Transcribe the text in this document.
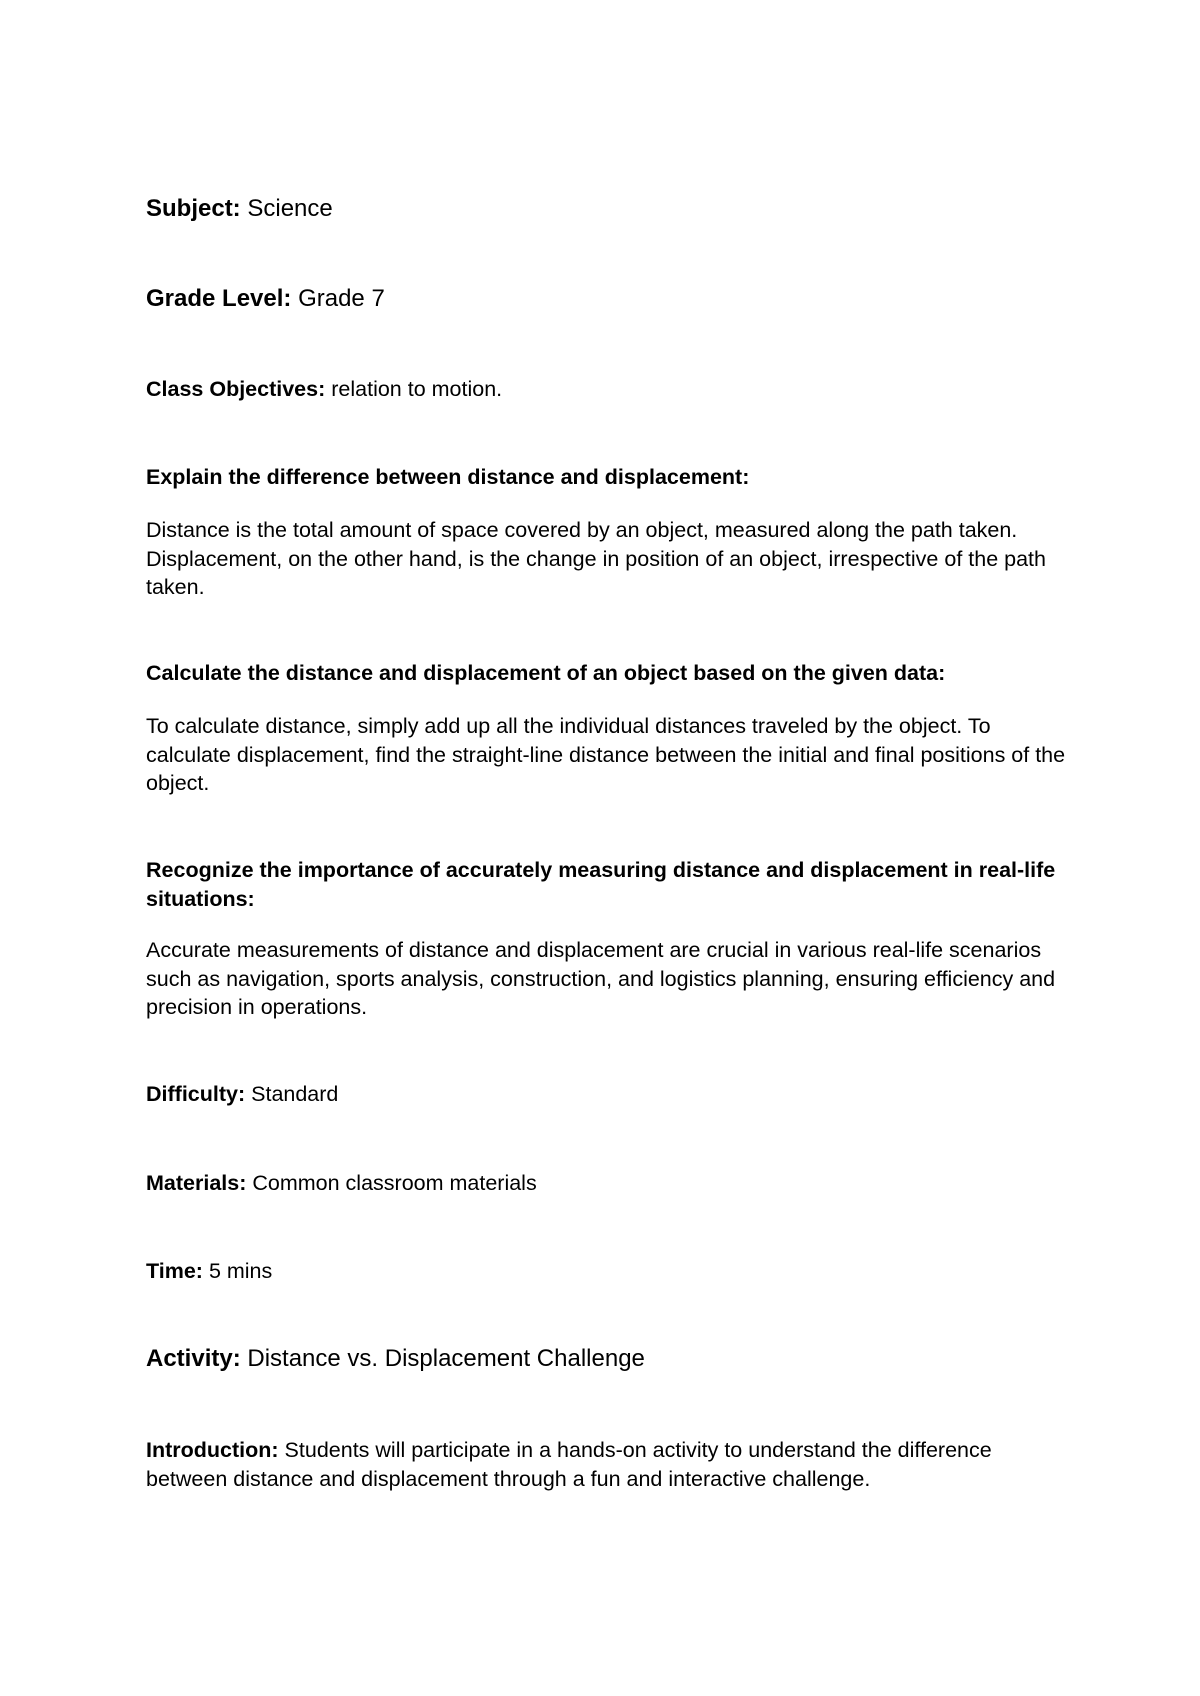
Subject: Science

Grade Level: Grade 7

Class Objectives: relation to motion.

Explain the difference between distance and displacement:

Distance is the total amount of space covered by an object, measured along the path taken. Displacement, on the other hand, is the change in position of an object, irrespective of the path taken.

Calculate the distance and displacement of an object based on the given data:

To calculate distance, simply add up all the individual distances traveled by the object. To calculate displacement, find the straight-line distance between the initial and final positions of the object.

Recognize the importance of accurately measuring distance and displacement in real-life situations:

Accurate measurements of distance and displacement are crucial in various real-life scenarios such as navigation, sports analysis, construction, and logistics planning, ensuring efficiency and precision in operations.

Difficulty: Standard

Materials: Common classroom materials

Time: 5 mins

Activity: Distance vs. Displacement Challenge

Introduction: Students will participate in a hands-on activity to understand the difference between distance and displacement through a fun and interactive challenge.
